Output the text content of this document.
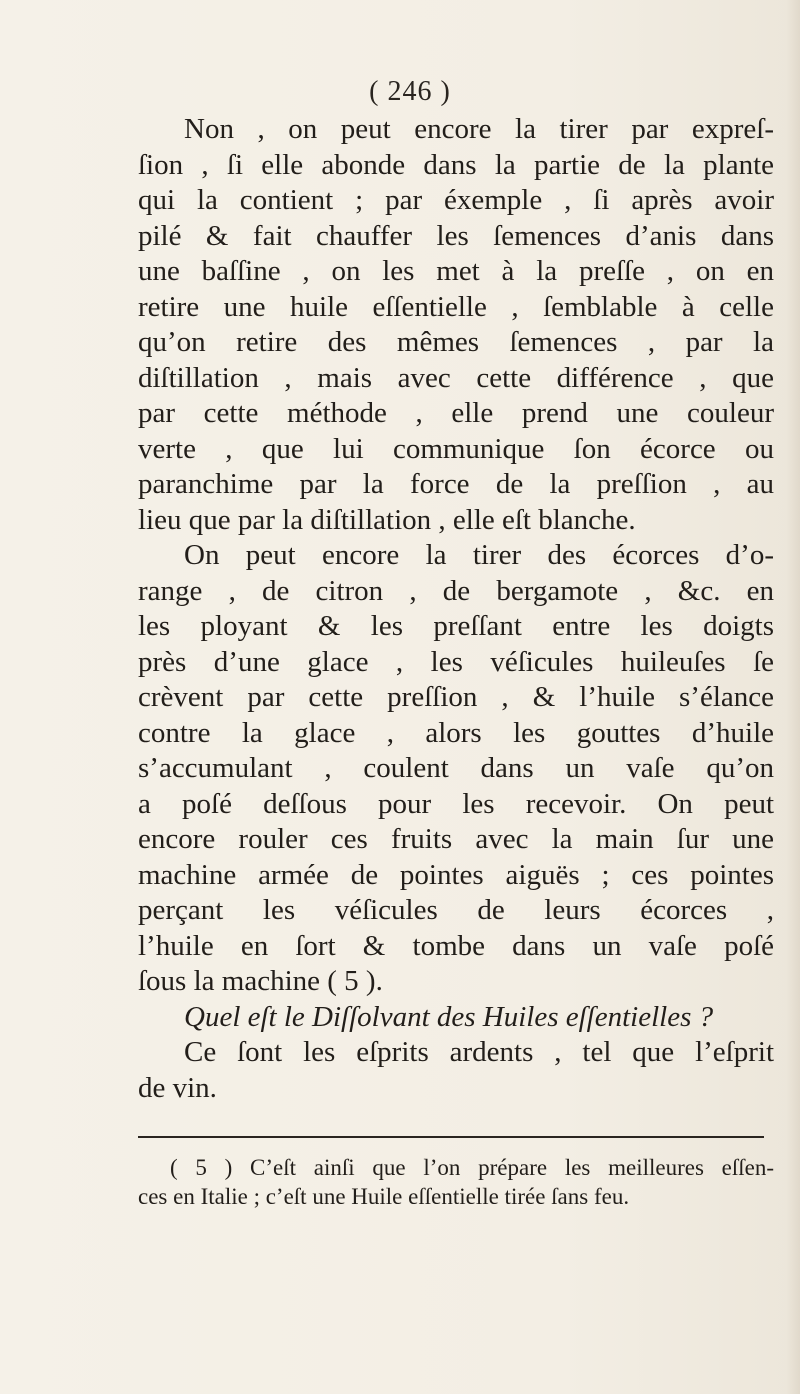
( 246 )
Non , on peut encore la tirer par expreſ-
ſion , ſi elle abonde dans la partie de la plante
qui la contient ; par éxemple , ſi après avoir
pilé & fait chauffer les ſemences d’anis dans
une baſſine , on les met à la preſſe , on en
retire une huile eſſentielle , ſemblable à celle
qu’on retire des mêmes ſemences , par la
diſtillation , mais avec cette différence , que
par cette méthode , elle prend une couleur
verte , que lui communique ſon écorce ou
paranchime par la force de la preſſion , au
lieu que par la diſtillation , elle eſt blanche.
On peut encore la tirer des écorces d’o-
range , de citron , de bergamote , &c. en
les ployant & les preſſant entre les doigts
près d’une glace , les véſicules huileuſes ſe
crèvent par cette preſſion , & l’huile s’élance
contre la glace , alors les gouttes d’huile
s’accumulant , coulent dans un vaſe qu’on
a poſé deſſous pour les recevoir. On peut
encore rouler ces fruits avec la main ſur une
machine armée de pointes aiguës ; ces pointes
perçant les véſicules de leurs écorces ,
l’huile en ſort & tombe dans un vaſe poſé
ſous la machine ( 5 ).
Quel eſt le Diſſolvant des Huiles eſſentielles ?
Ce ſont les eſprits ardents , tel que l’eſprit
de vin.
( 5 ) C’eſt ainſi que l’on prépare les meilleures eſſen-
ces en Italie ; c’eſt une Huile eſſentielle tirée ſans feu.
